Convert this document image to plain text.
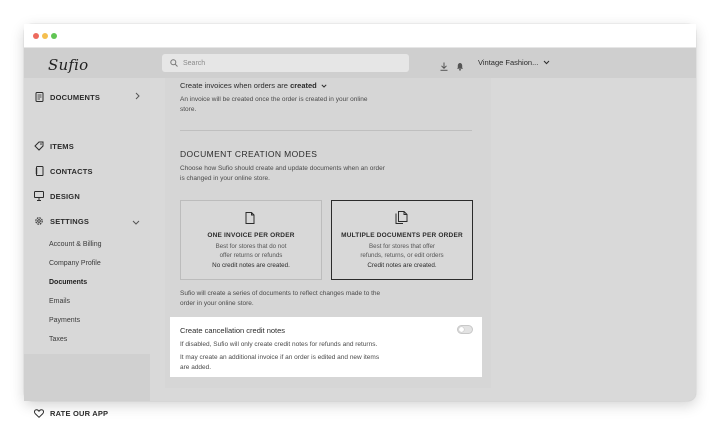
Sufio
DOCUMENTS
ITEMS
CONTACTS
DESIGN
SETTINGS
Account & Billing
Company Profile
Documents
Emails
Payments
Taxes
RATE OUR APP
Search	Vintage Fashion...
Create invoices when orders are created
An invoice will be created once the order is created in your online
store.
DOCUMENT CREATION MODES
Choose how Sufio should create and update documents when an order
is changed in your online store.
ONE INVOICE PER ORDER
Best for stores that do not
offer returns or refunds
No credit notes are created.
MULTIPLE DOCUMENTS PER ORDER
Best for stores that offer
refunds, returns, or edit orders
Credit notes are created.
Sufio will create a series of documents to reflect changes made to the
order in your online store.
Create cancellation credit notes
If disabled, Sufio will only create credit notes for refunds and returns.
It may create an additional invoice if an order is edited and new items
are added.
